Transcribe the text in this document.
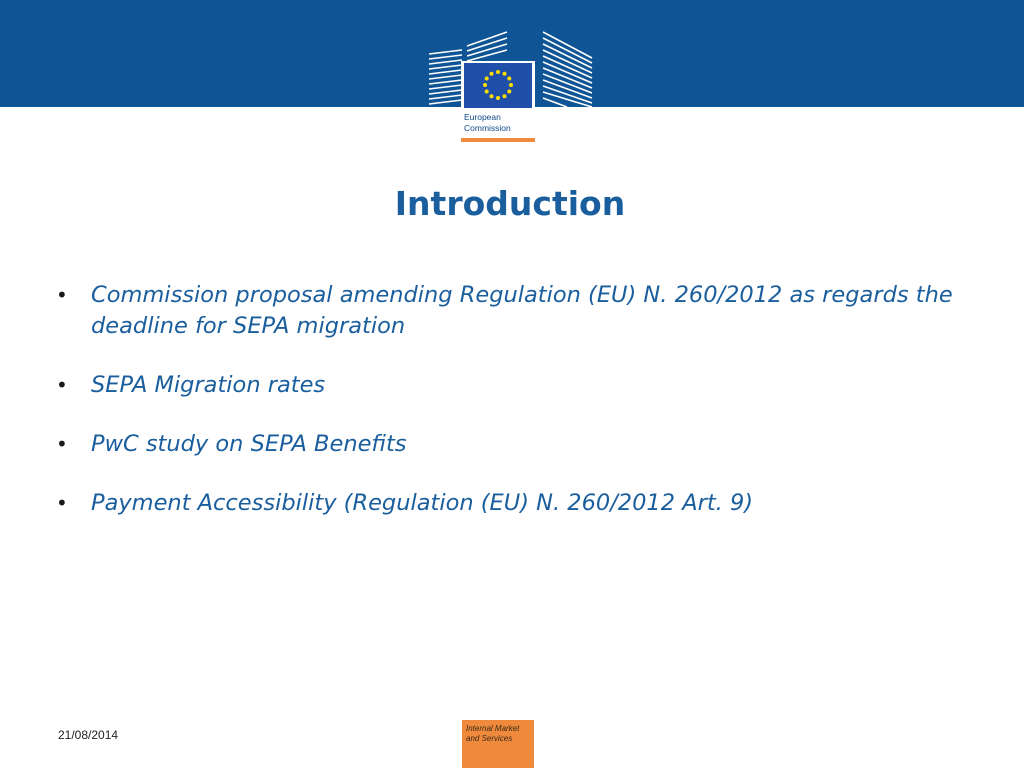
European
Commission
Introduction
• Commission proposal amending Regulation (EU) N. 260/2012 as regards the deadline for SEPA migration
• SEPA Migration rates
• PwC study on SEPA Benefits
• Payment Accessibility (Regulation (EU) N. 260/2012 Art. 9)
21/08/2014	Internal Market
and Services
